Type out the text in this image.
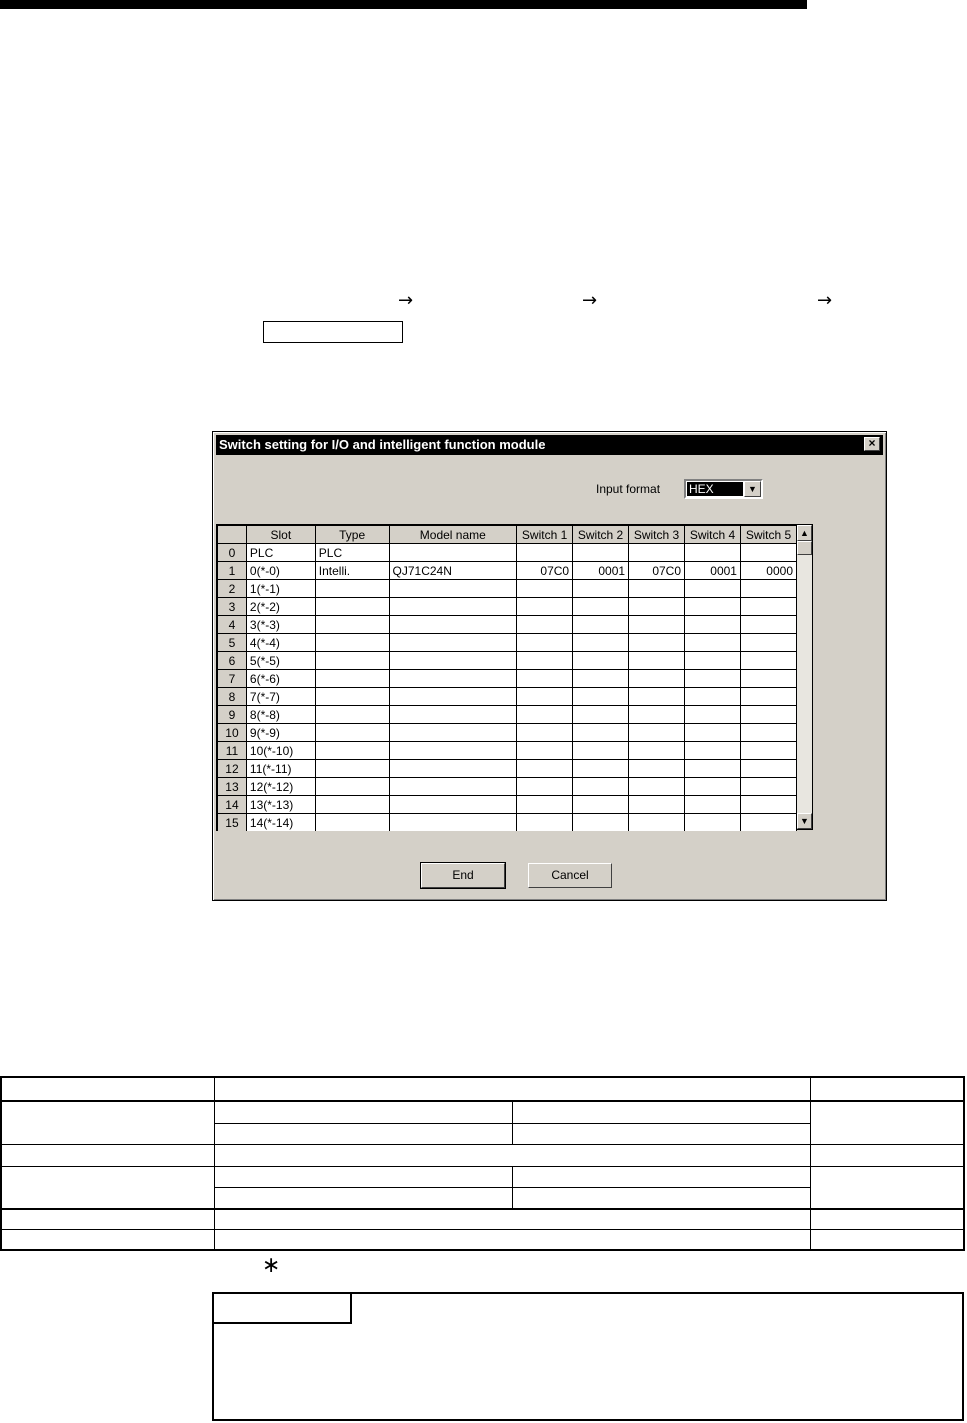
→	→	→
Switch setting for I/O and intelligent function module	×
Input format HEX	▼
	Slot	Type	Model name	Switch 1	Switch 2	Switch 3	Switch 4	Switch 5
0	PLC	PLC						
1	0(*-0)	Intelli.	QJ71C24N	07C0	0001	07C0	0001	0000
2	1(*-1)							
3	2(*-2)							
4	3(*-3)							
5	4(*-4)							
6	5(*-5)							
7	6(*-6)							
8	7(*-7)							
9	8(*-8)							
10	9(*-9)							
11	10(*-10)							
12	11(*-11)							
13	12(*-12)							
14	13(*-13)							
15	14(*-14)							
▲
▼
End	Cancel
∗
